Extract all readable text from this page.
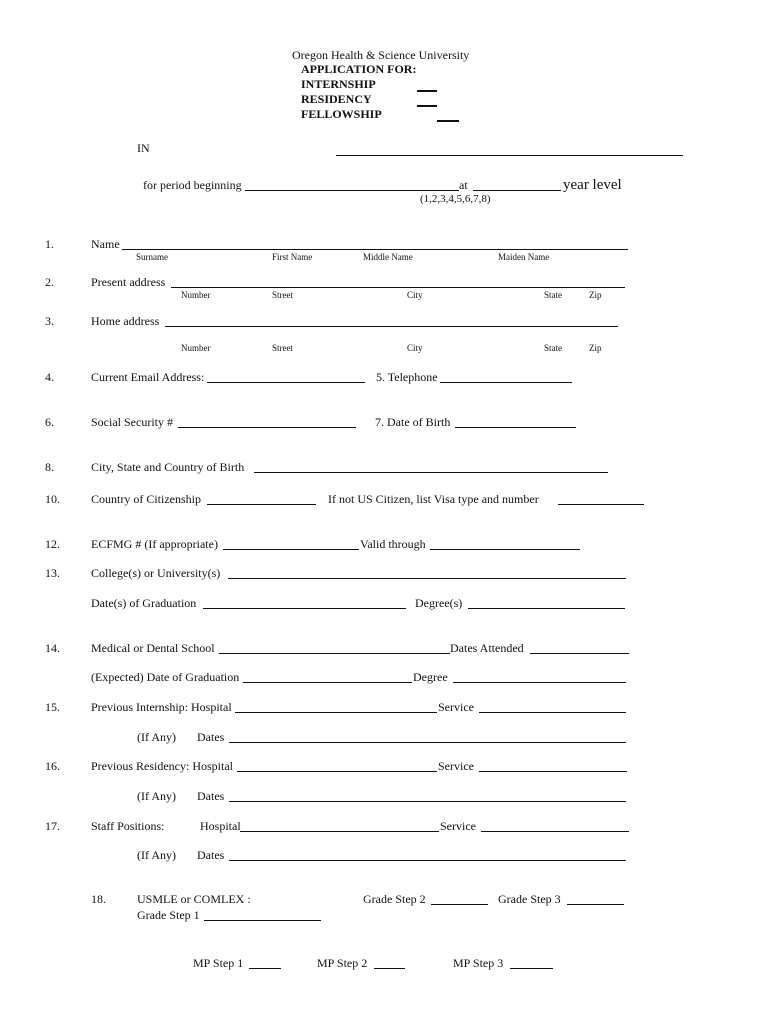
Oregon Health & Science University
APPLICATION FOR:
INTERNSHIP
RESIDENCY
FELLOWSHIP
IN
for period beginning	at	year level
(1,2,3,4,5,6,7,8)
1.	Name
Surname	First Name	Middle Name	Maiden Name
2.	Present address
Number	Street	City	State	Zip
3.	Home address
Number	Street	City	State	Zip
4.	Current Email Address:	5. Telephone
6.	Social Security #	7. Date of Birth
8.	City, State and Country of Birth
10.	Country of Citizenship	If not US Citizen, list Visa type and number
12.	ECFMG # (If appropriate)	Valid through
13.	College(s) or University(s)
Date(s) of Graduation	Degree(s)
14.	Medical or Dental School	Dates Attended
(Expected) Date of Graduation	Degree
15.	Previous Internship: Hospital	Service
(If Any) Dates
16.	Previous Residency: Hospital	Service
(If Any) Dates
17.	Staff Positions:	Hospital	Service
(If Any) Dates
18.	USMLE or COMLEX :	Grade Step 2	Grade Step 3
Grade Step 1
MP Step 1	MP Step 2	MP Step 3
